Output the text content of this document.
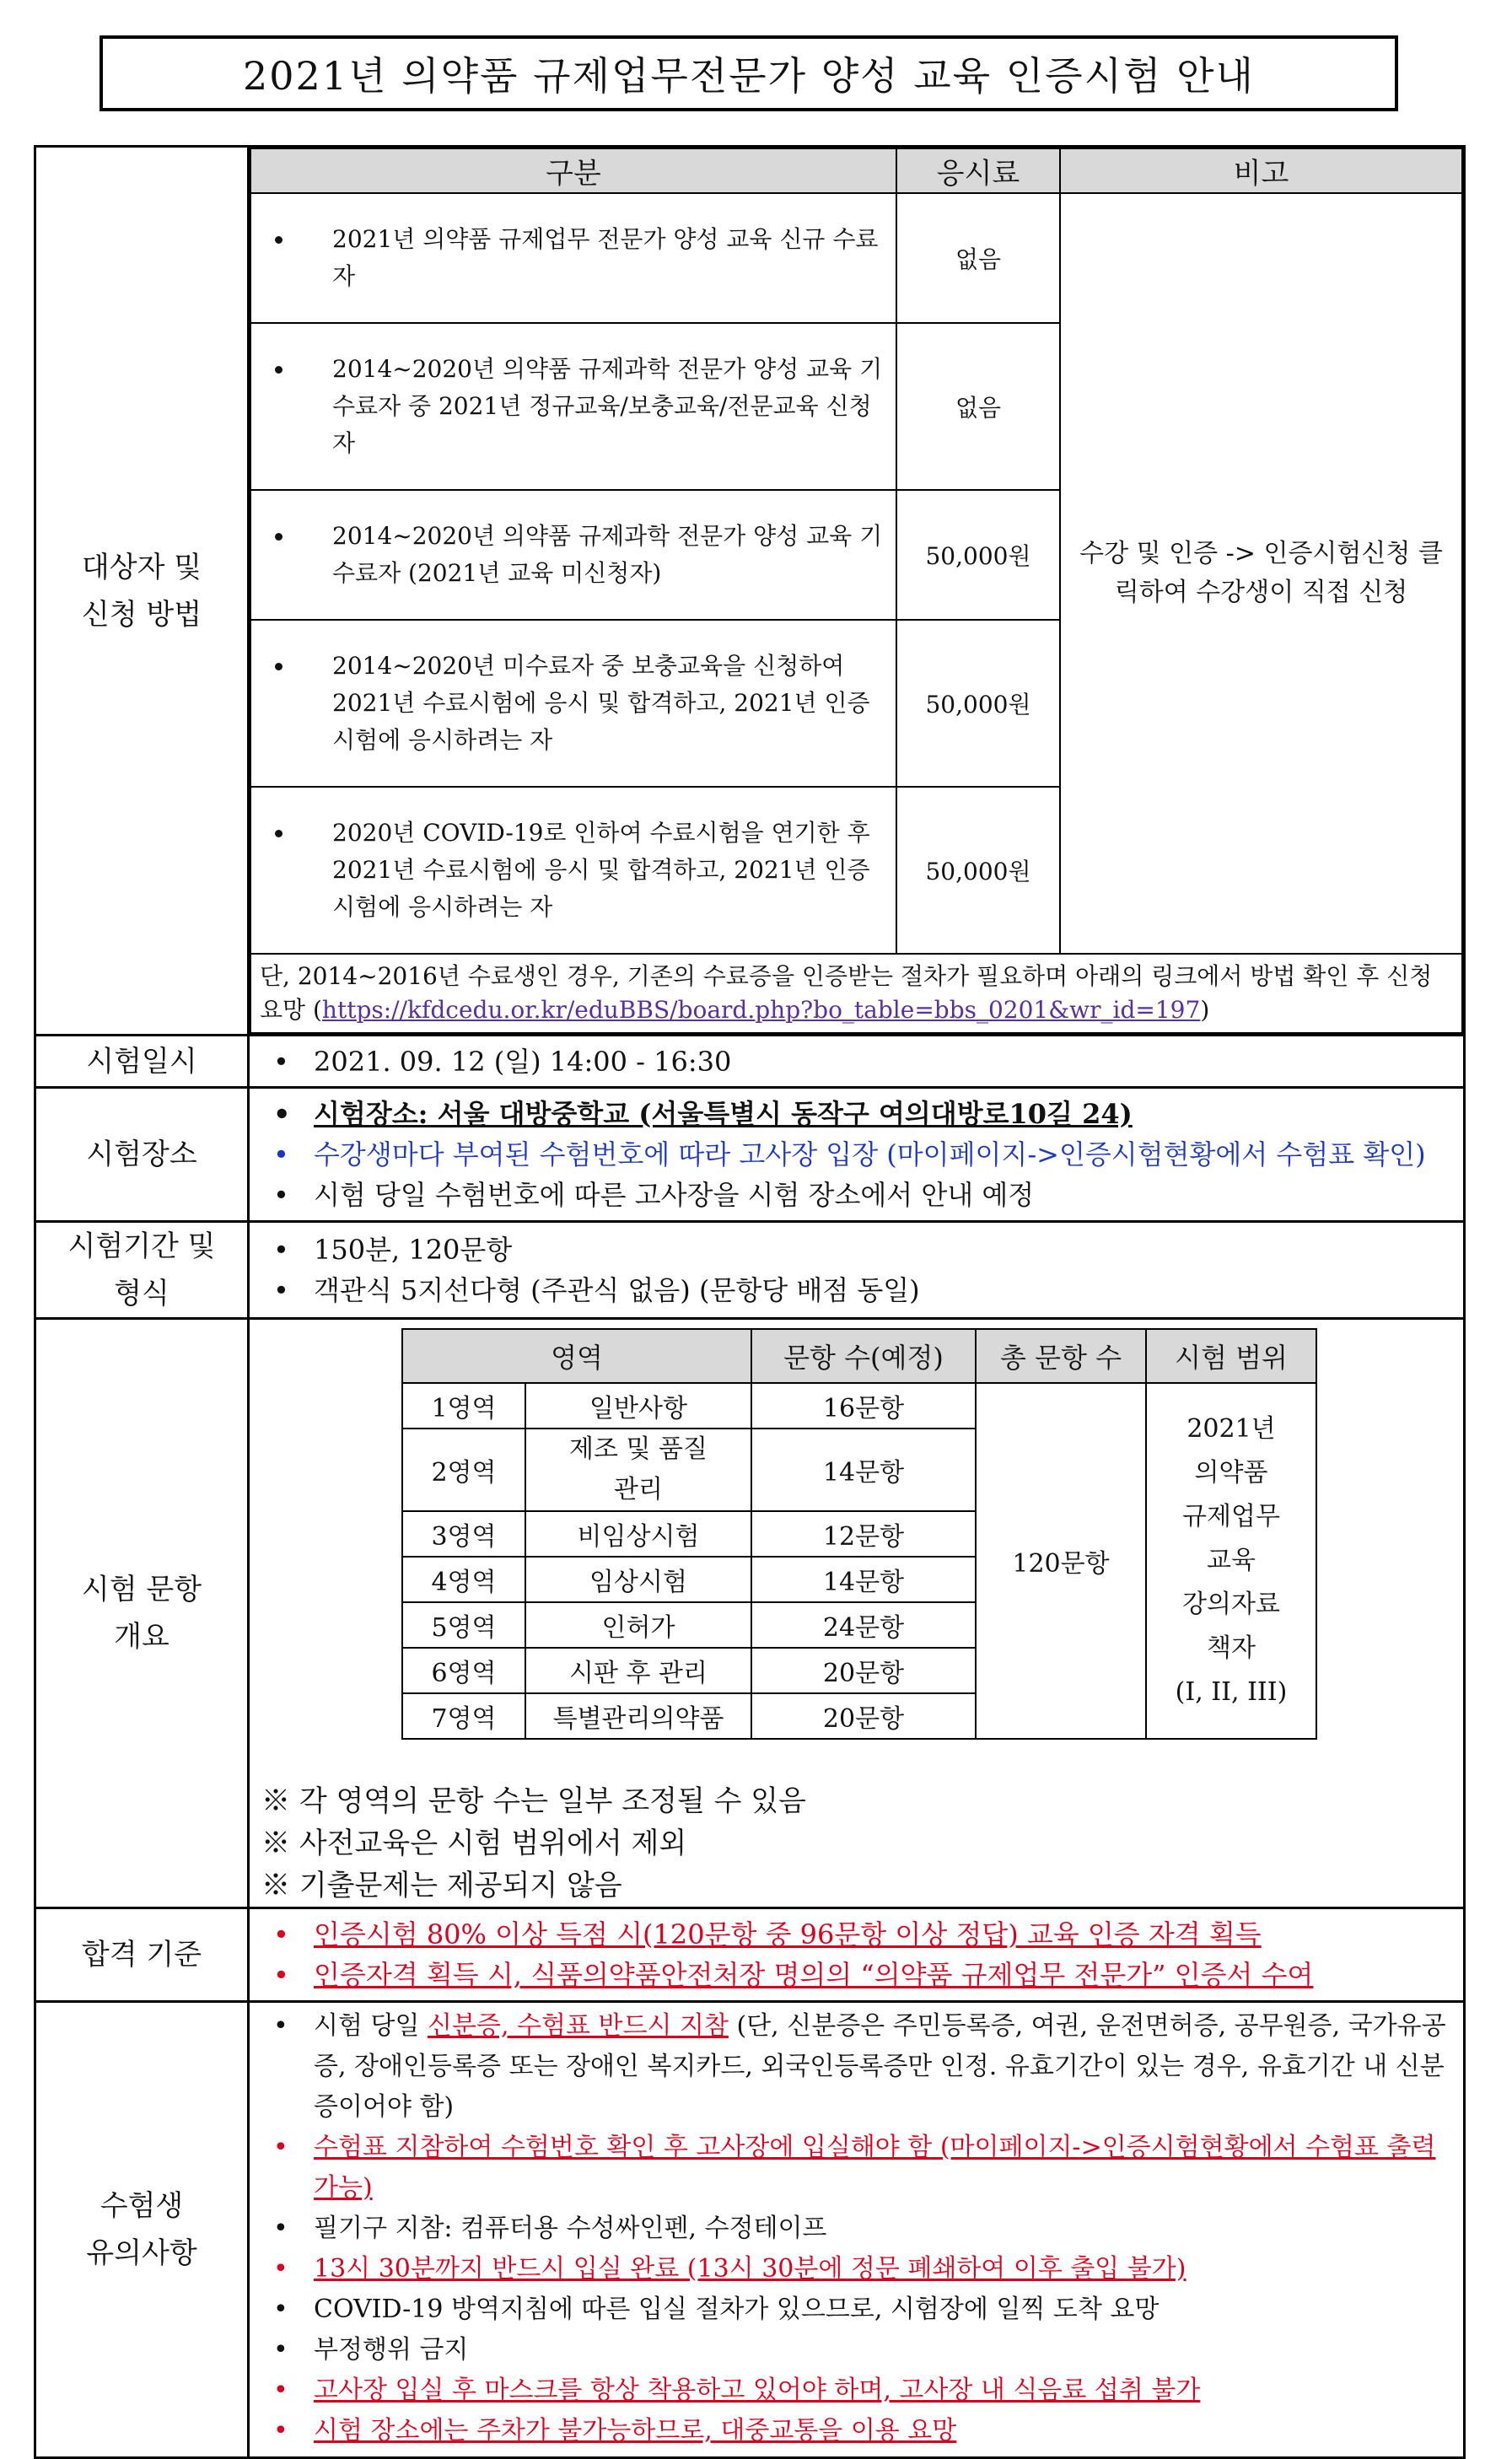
2021년 의약품 규제업무전문가 양성 교육 인증시험 안내
대상자 및
신청 방법

구분	응시료	비고

• 2021년 의약품 규제업무 전문가 양성 교육 신규 수료자
	없음	수강 및 인증 -> 인증시험신청 클릭하여 수강생이 직접 신청

• 2014~2020년 의약품 규제과학 전문가 양성 교육 기수료자 중 2021년 정규교육/보충교육/전문교육 신청자
	없음

• 2014~2020년 의약품 규제과학 전문가 양성 교육 기수료자 (2021년 교육 미신청자)
	50,000원

• 2014~2020년 미수료자 중 보충교육을 신청하여 2021년 수료시험에 응시 및 합격하고, 2021년 인증시험에 응시하려는 자
	50,000원

• 2020년 COVID-19로 인하여 수료시험을 연기한 후 2021년 수료시험에 응시 및 합격하고, 2021년 인증시험에 응시하려는 자
	50,000원
단, 2014~2016년 수료생인 경우, 기존의 수료증을 인증받는 절차가 필요하며 아래의 링크에서 방법 확인 후 신청 요망 (https://kfdcedu.or.kr/eduBBS/board.php?bo_table=bbs_0201&wr_id=197)

시험일시	
•2021. 09. 12 (일) 14:00 - 16:30

시험장소	
• 시험장소: 서울 대방중학교 (서울특별시 동작구 여의대방로10길 24)
• 수강생마다 부여된 수험번호에 따라 고사장 입장 (마이페이지->인증시험현황에서 수험표 확인)
• 시험 당일 수험번호에 따른 고사장을 시험 장소에서 안내 예정

시험기간 및
형식

• 150분, 120문항
• 객관식 5지선다형 (주관식 없음) (문항당 배점 동일)

시험 문항
개요

영역	문항 수(예정)	총 문항 수	시험 범위
1영역	일반사항	16문항	120문항	
2021년
의약품
규제업무
교육
강의자료
책자
(I, II, III)

2영역	제조 및 품질관리	14문항
3영역	비임상시험	12문항
4영역	임상시험	14문항
5영역	인허가	24문항
6영역	시판 후 관리	20문항
7영역	특별관리의약품	20문항
※ 각 영역의 문항 수는 일부 조정될 수 있음
※ 사전교육은 시험 범위에서 제외
※ 기출문제는 제공되지 않음

합격 기준	
• 인증시험 80% 이상 득점 시(120문항 중 96문항 이상 정답) 교육 인증 자격 획득
• 인증자격 획득 시, 식품의약품안전처장 명의의 “의약품 규제업무 전문가” 인증서 수여

수험생
유의사항

• 시험 당일 신분증, 수험표 반드시 지참 (단, 신분증은 주민등록증, 여권, 운전면허증, 공무원증, 국가유공증, 장애인등록증 또는 장애인 복지카드, 외국인등록증만 인정. 유효기간이 있는 경우, 유효기간 내 신분증이어야 함)
• 수험표 지참하여 수험번호 확인 후 고사장에 입실해야 함 (마이페이지->인증시험현황에서 수험표 출력 가능)
• 필기구 지참: 컴퓨터용 수성싸인펜, 수정테이프
• 13시 30분까지 반드시 입실 완료 (13시 30분에 정문 폐쇄하여 이후 출입 불가)
• COVID-19 방역지침에 따른 입실 절차가 있으므로, 시험장에 일찍 도착 요망
• 부정행위 금지
• 고사장 입실 후 마스크를 항상 착용하고 있어야 하며, 고사장 내 식음료 섭취 불가
• 시험 장소에는 주차가 불가능하므로, 대중교통을 이용 요망
